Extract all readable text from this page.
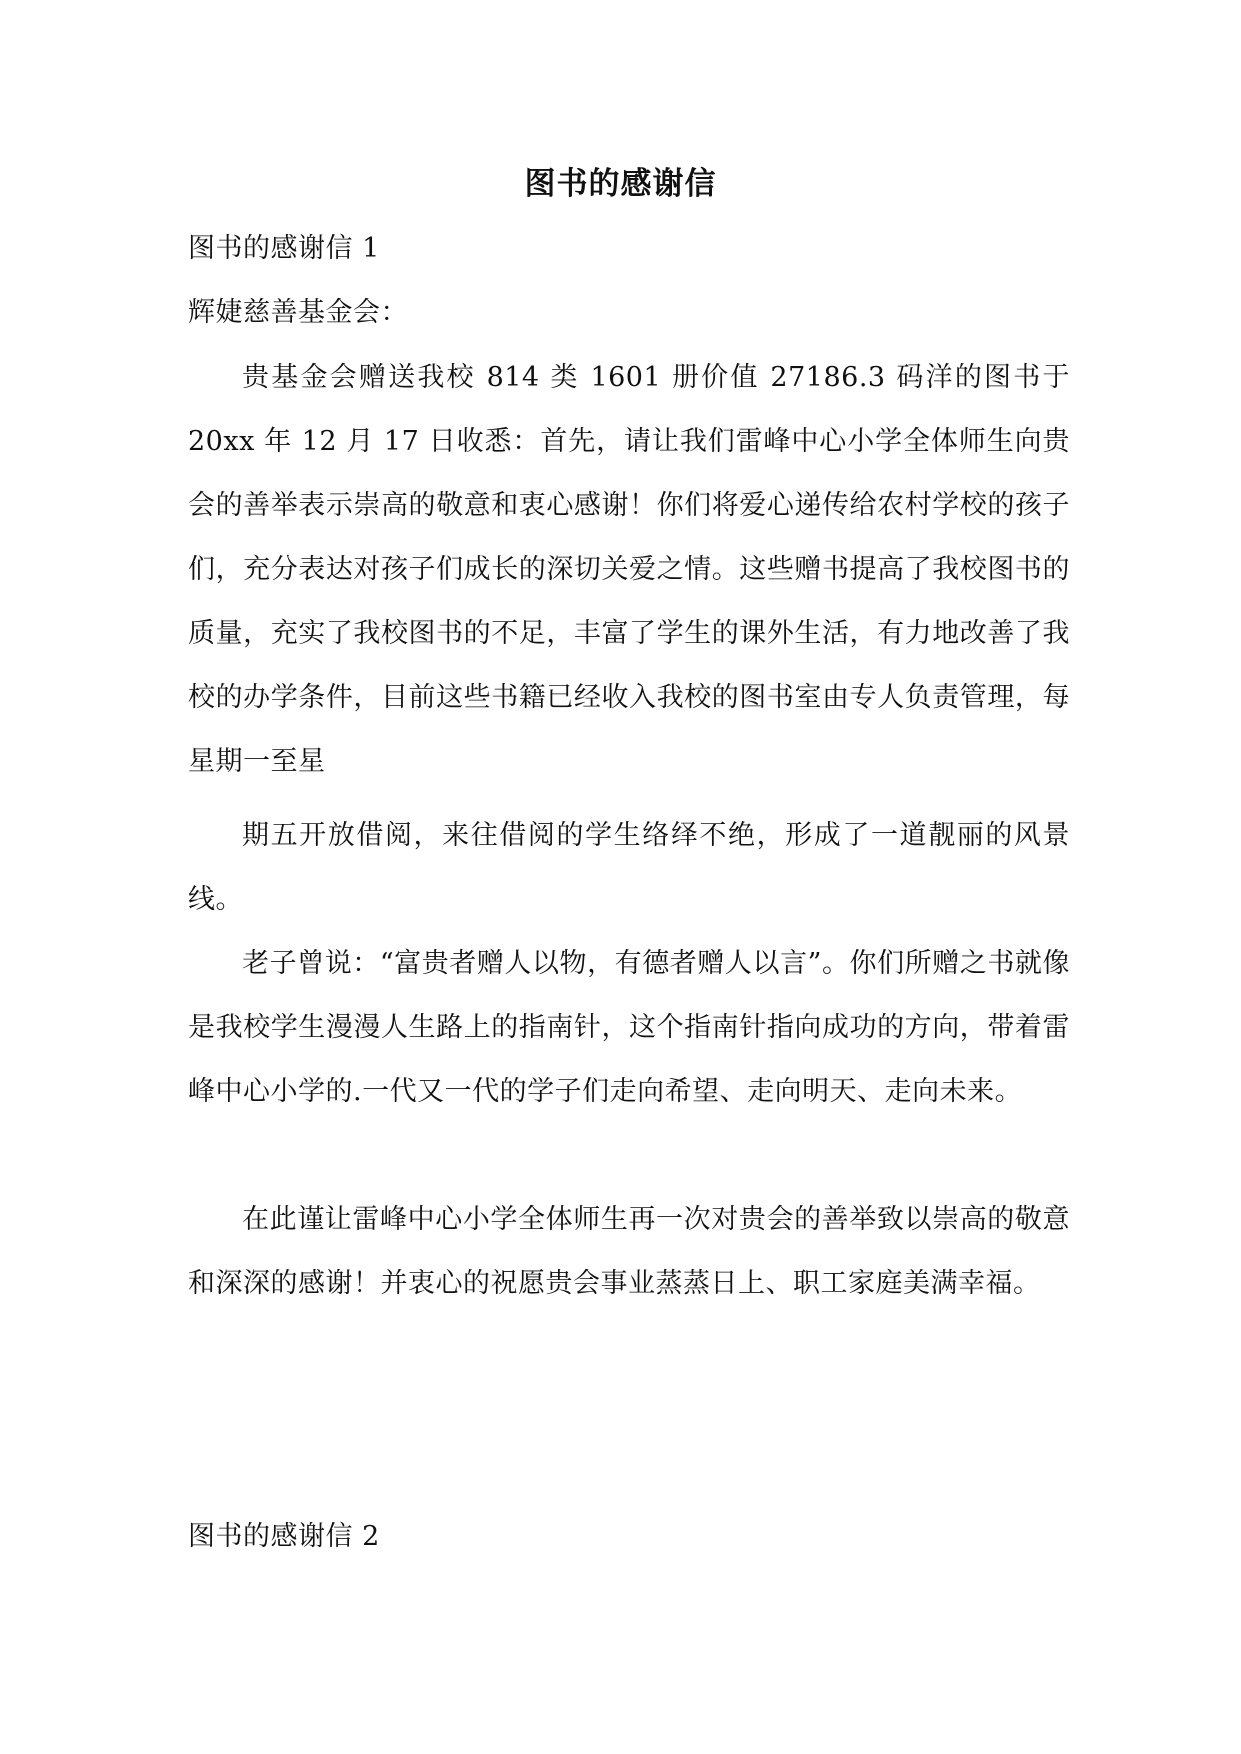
图书的感谢信
图书的感谢信 1
辉婕慈善基金会：

贵基金会赠送我校 814 类 1601 册价值 27186.3 码洋的图书于 20xx 年 12 月 17 日收悉：首先，请让我们雷峰中心小学全体师生向贵会的善举表示崇高的敬意和衷心感谢！你们将爱心递传给农村学校的孩子们，充分表达对孩子们成长的深切关爱之情。这些赠书提高了我校图书的质量，充实了我校图书的不足，丰富了学生的课外生活，有力地改善了我校的办学条件，目前这些书籍已经收入我校的图书室由专人负责管理，每星期一至星

期五开放借阅，来往借阅的学生络绎不绝，形成了一道靓丽的风景线。

老子曾说：“富贵者赠人以物，有德者赠人以言”。你们所赠之书就像是我校学生漫漫人生路上的指南针，这个指南针指向成功的方向，带着雷峰中心小学的.一代又一代的学子们走向希望、走向明天、走向未来。

在此谨让雷峰中心小学全体师生再一次对贵会的善举致以崇高的敬意和深深的感谢！并衷心的祝愿贵会事业蒸蒸日上、职工家庭美满幸福。

图书的感谢信 2
